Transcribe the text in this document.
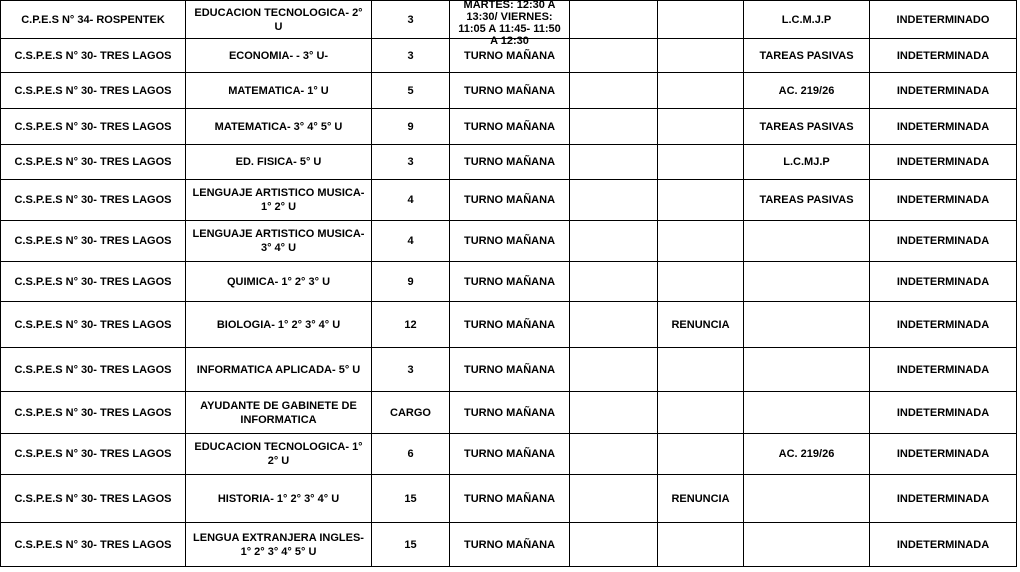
C.P.E.S N° 34- ROSPENTEK	EDUCACION TECNOLOGICA- 2° U	3	MARTES: 12:30 A 13:30/ VIERNES: 11:05 A 11:45- 11:50 A 12:30			L.C.M.J.P	INDETERMINADO
C.S.P.E.S N° 30- TRES LAGOS	ECONOMIA- - 3° U-	3	TURNO MAÑANA			TAREAS PASIVAS	INDETERMINADA
C.S.P.E.S N° 30- TRES LAGOS	MATEMATICA- 1° U	5	TURNO MAÑANA			AC. 219/26	INDETERMINADA
C.S.P.E.S N° 30- TRES LAGOS	MATEMATICA- 3° 4° 5° U	9	TURNO MAÑANA			TAREAS PASIVAS	INDETERMINADA
C.S.P.E.S N° 30- TRES LAGOS	ED. FISICA- 5° U	3	TURNO MAÑANA			L.C.MJ.P	INDETERMINADA
C.S.P.E.S N° 30- TRES LAGOS	LENGUAJE ARTISTICO MUSICA- 1° 2° U	4	TURNO MAÑANA			TAREAS PASIVAS	INDETERMINADA
C.S.P.E.S N° 30- TRES LAGOS	LENGUAJE ARTISTICO MUSICA- 3° 4° U	4	TURNO MAÑANA				INDETERMINADA
C.S.P.E.S N° 30- TRES LAGOS	QUIMICA- 1° 2° 3° U	9	TURNO MAÑANA				INDETERMINADA
C.S.P.E.S N° 30- TRES LAGOS	BIOLOGIA- 1° 2° 3° 4° U	12	TURNO MAÑANA		RENUNCIA		INDETERMINADA
C.S.P.E.S N° 30- TRES LAGOS	INFORMATICA APLICADA- 5° U	3	TURNO MAÑANA				INDETERMINADA
C.S.P.E.S N° 30- TRES LAGOS	AYUDANTE DE GABINETE DE INFORMATICA	CARGO	TURNO MAÑANA				INDETERMINADA
C.S.P.E.S N° 30- TRES LAGOS	EDUCACION TECNOLOGICA- 1° 2° U	6	TURNO MAÑANA			AC. 219/26	INDETERMINADA
C.S.P.E.S N° 30- TRES LAGOS	HISTORIA- 1° 2° 3° 4° U	15	TURNO MAÑANA		RENUNCIA		INDETERMINADA
C.S.P.E.S N° 30- TRES LAGOS	LENGUA EXTRANJERA INGLES- 1° 2° 3° 4° 5° U	15	TURNO MAÑANA				INDETERMINADA
